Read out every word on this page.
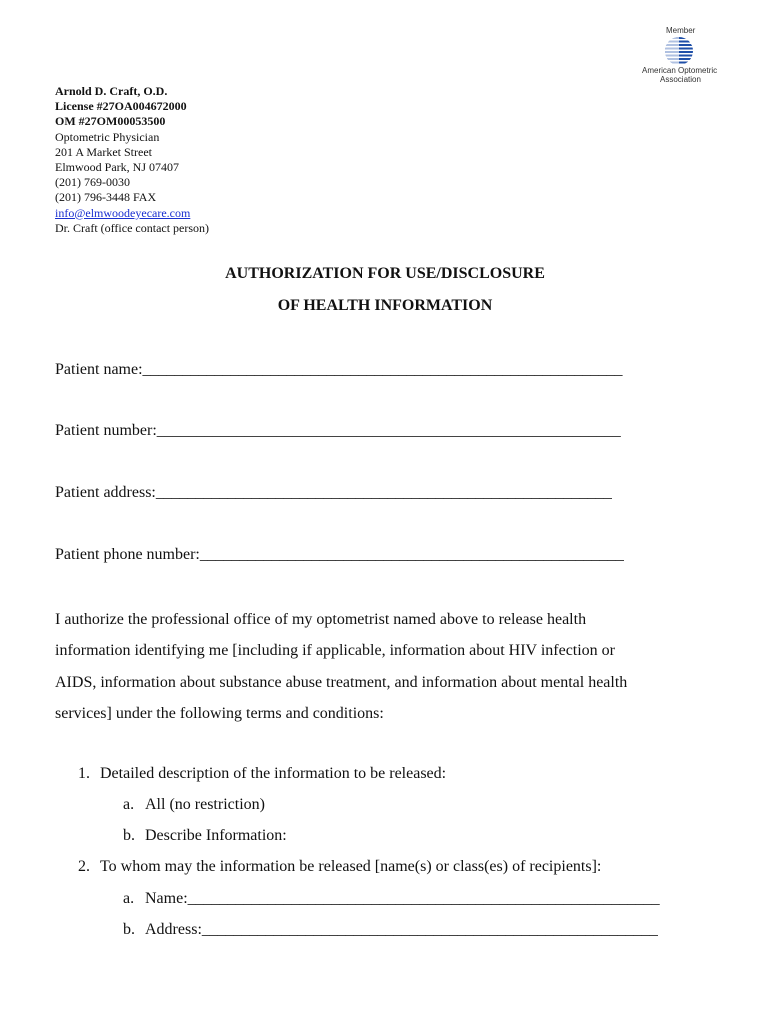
Member
American Optometric
Association
Arnold D. Craft, O.D.
License #27OA004672000
OM #27OM00053500
Optometric Physician
201 A Market Street
Elmwood Park, NJ 07407
(201) 769-0030
(201) 796-3448 FAX
info@elmwoodeyecare.com
Dr. Craft (office contact person)
AUTHORIZATION FOR USE/DISCLOSURE
OF HEALTH INFORMATION
Patient name:____________________________________________________________
Patient number:__________________________________________________________
Patient address:_________________________________________________________
Patient phone number:_____________________________________________________
I authorize the professional office of my optometrist named above to release health
information identifying me [including if applicable, information about HIV infection or
AIDS, information about substance abuse treatment, and information about mental health
services] under the following terms and conditions:
1. Detailed description of the information to be released:
a. All (no restriction)
b. Describe Information:
2. To whom may the information be released [name(s) or class(es) of recipients]:
a. Name:___________________________________________________________
b. Address:_________________________________________________________
